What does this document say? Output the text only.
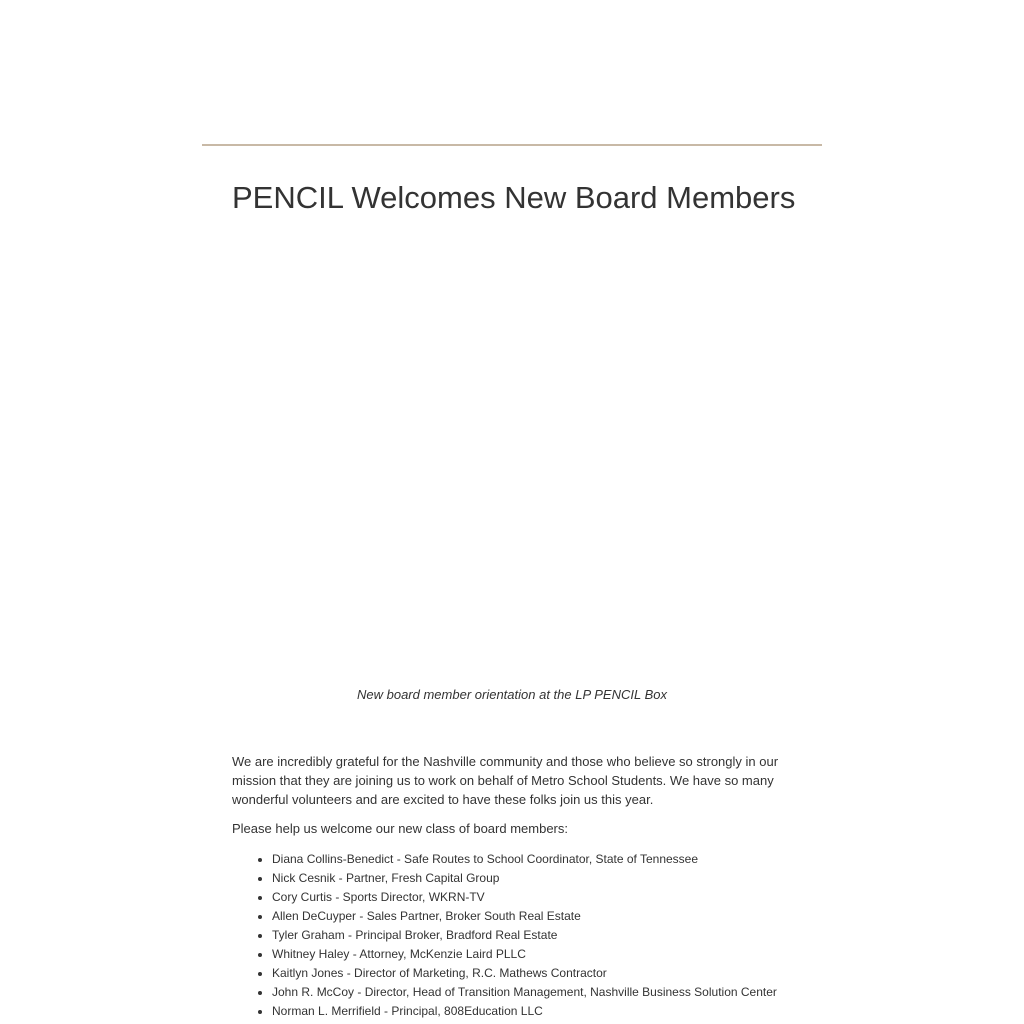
PENCIL Welcomes New Board Members
New board member orientation at the LP PENCIL Box

We are incredibly grateful for the Nashville community and those who believe so strongly in our mission that they are joining us to work on behalf of Metro School Students. We have so many wonderful volunteers and are excited to have these folks join us this year.

Please help us welcome our new class of board members:

• Diana Collins-Benedict - Safe Routes to School Coordinator, State of Tennessee
• Nick Cesnik - Partner, Fresh Capital Group
• Cory Curtis - Sports Director, WKRN-TV
• Allen DeCuyper - Sales Partner, Broker South Real Estate
• Tyler Graham - Principal Broker, Bradford Real Estate
• Whitney Haley - Attorney, McKenzie Laird PLLC
• Kaitlyn Jones - Director of Marketing, R.C. Mathews Contractor
• John R. McCoy - Director, Head of Transition Management, Nashville Business Solution Center
• Norman L. Merrifield - Principal, 808Education LLC
